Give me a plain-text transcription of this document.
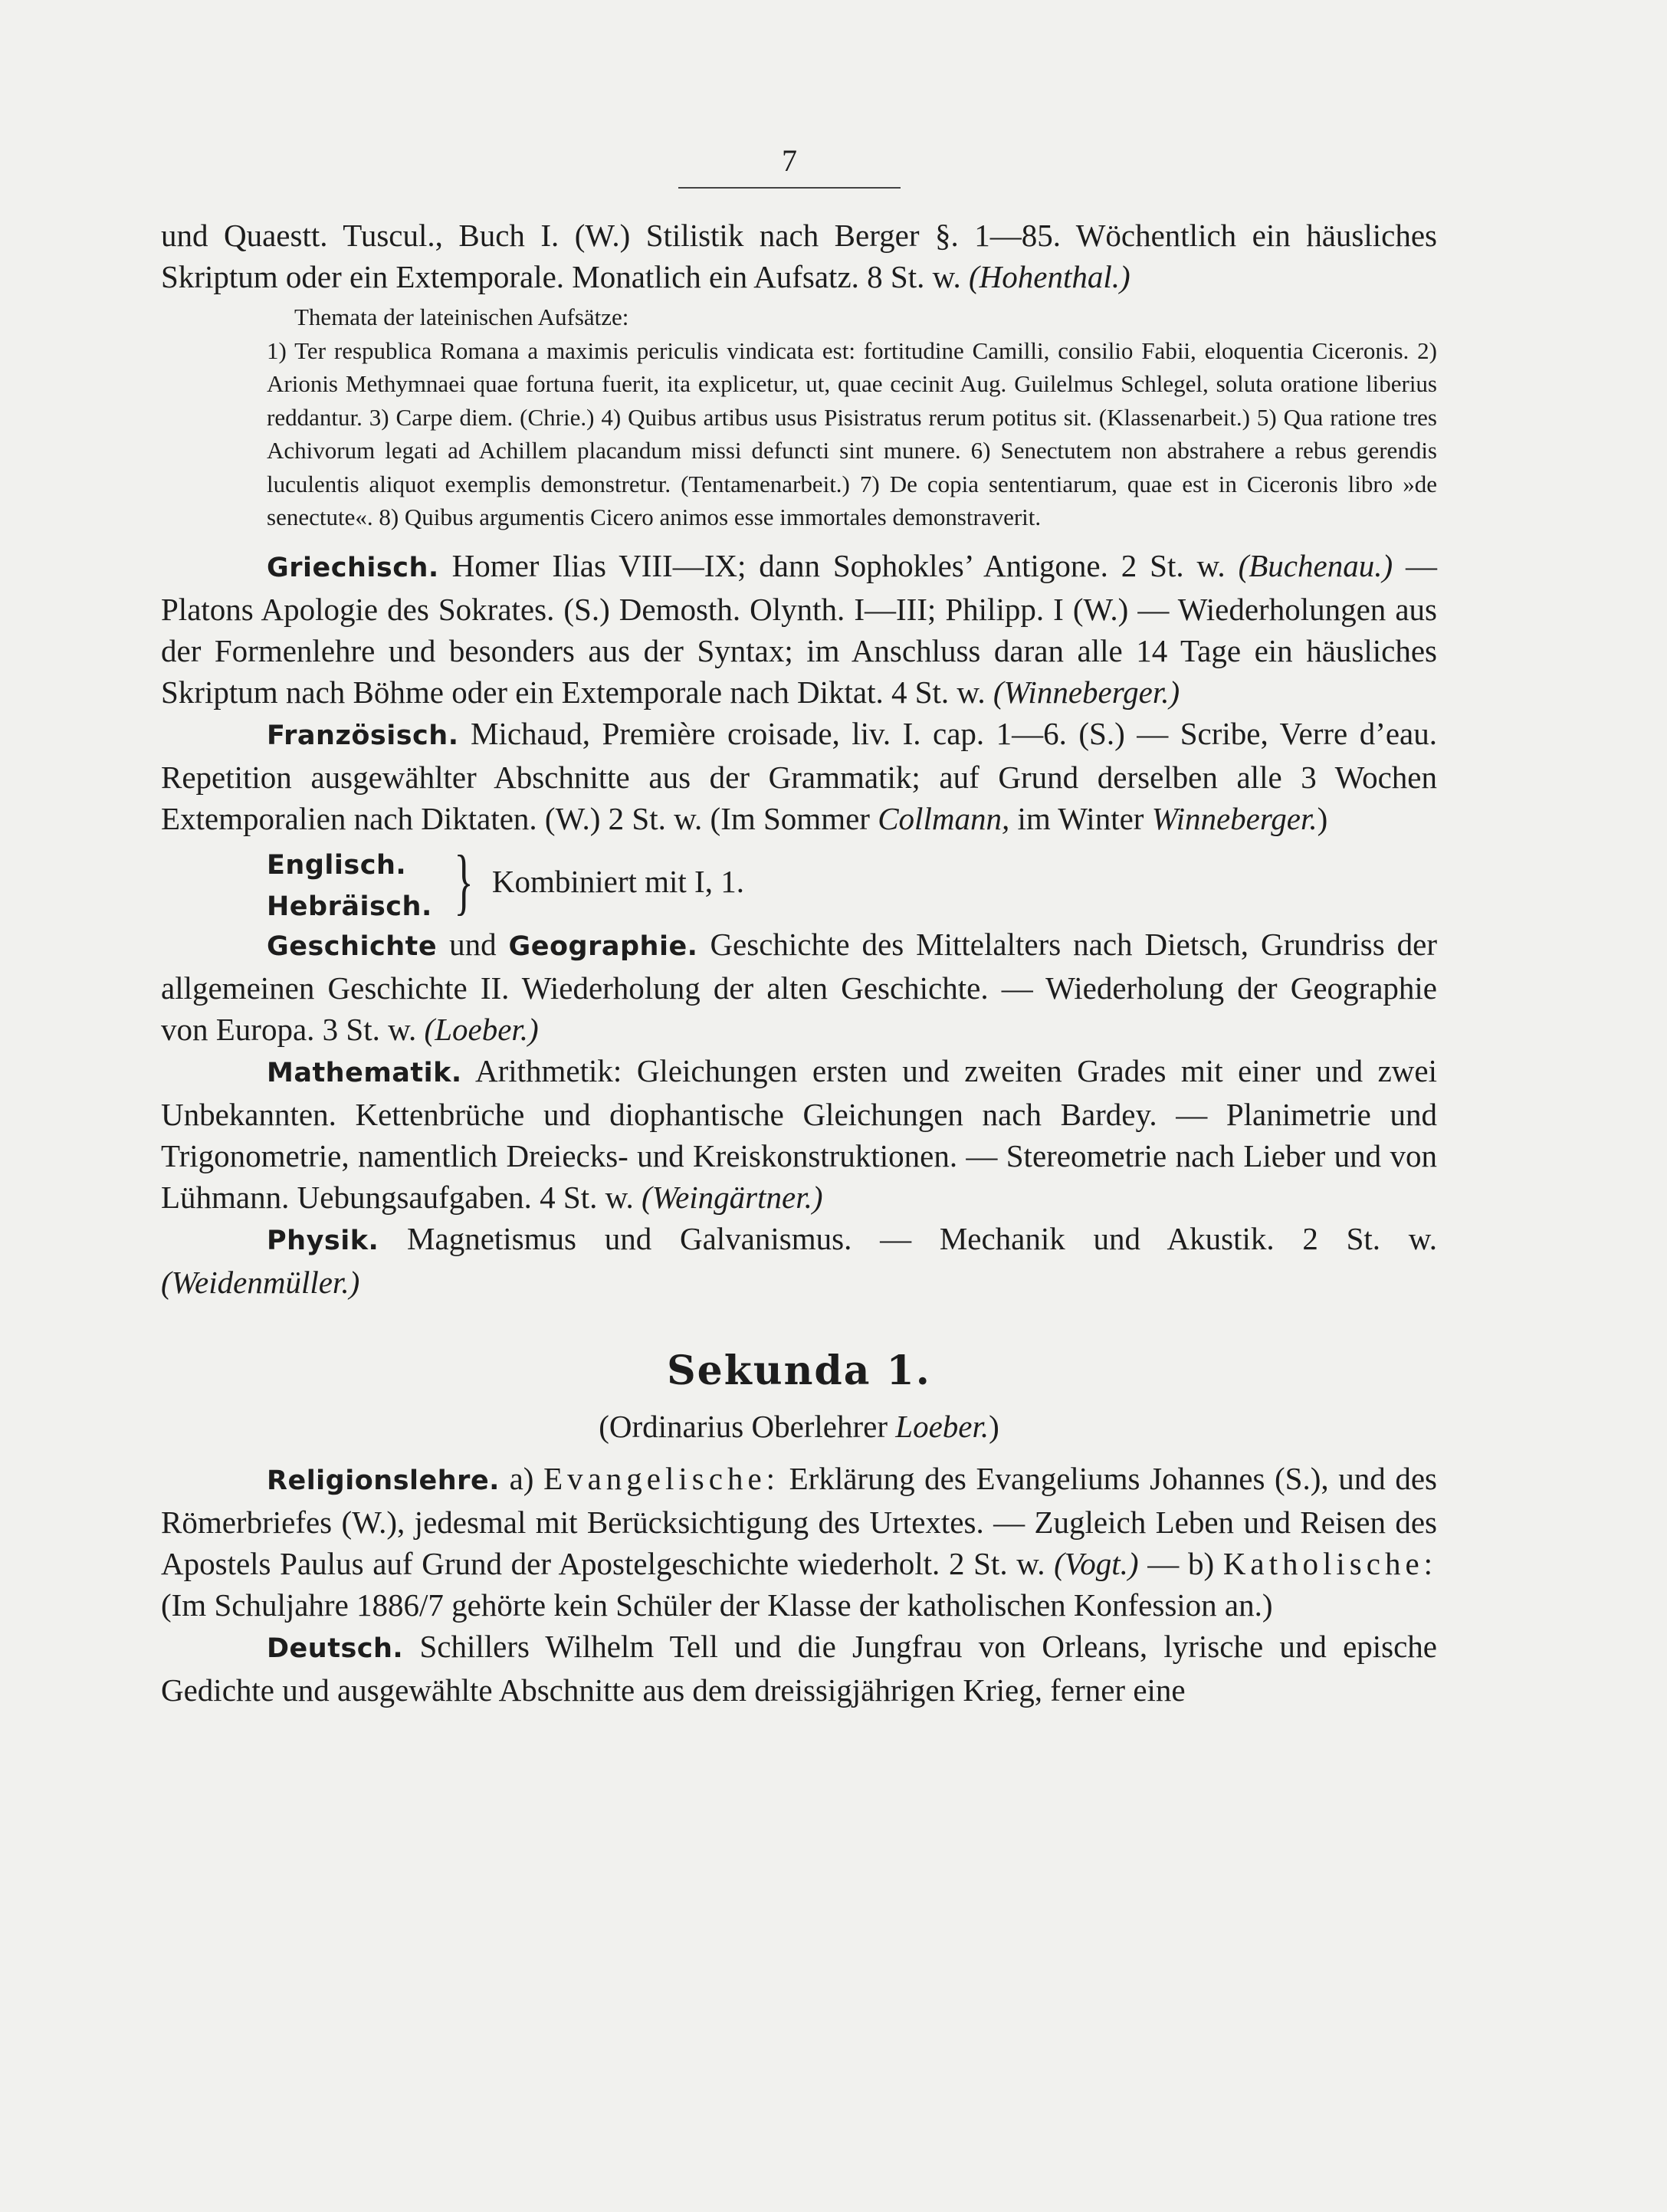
7

und Quaestt. Tuscul., Buch I. (W.) Stilistik nach Berger §. 1—85. Wöchentlich ein häusliches Skriptum oder ein Extemporale. Monatlich ein Aufsatz. 8 St. w. (Hohenthal.)

Themata der lateinischen Aufsätze:

1) Ter respublica Romana a maximis periculis vindicata est: fortitudine Camilli, consilio Fabii, eloquentia Ciceronis. 2) Arionis Methymnaei quae fortuna fuerit, ita explicetur, ut, quae cecinit Aug. Guilelmus Schlegel, soluta oratione liberius reddantur. 3) Carpe diem. (Chrie.) 4) Quibus artibus usus Pisistratus rerum potitus sit. (Klassenarbeit.) 5) Qua ratione tres Achivorum legati ad Achillem placandum missi defuncti sint munere. 6) Senectutem non abstrahere a rebus gerendis luculentis aliquot exemplis demonstretur. (Tentamenarbeit.) 7) De copia sententiarum, quae est in Ciceronis libro »de senectute«. 8) Quibus argumentis Cicero animos esse immortales demonstraverit.

Griechisch. Homer Ilias VIII—IX; dann Sophokles’ Antigone. 2 St. w. (Buchenau.) — Platons Apologie des Sokrates. (S.) Demosth. Olynth. I—III; Philipp. I (W.) — Wiederholungen aus der Formenlehre und besonders aus der Syntax; im Anschluss daran alle 14 Tage ein häusliches Skriptum nach Böhme oder ein Extemporale nach Diktat. 4 St. w. (Winneberger.)

Französisch. Michaud, Première croisade, liv. I. cap. 1—6. (S.) — Scribe, Verre d’eau. Repetition ausgewählter Abschnitte aus der Grammatik; auf Grund derselben alle 3 Wochen Extemporalien nach Diktaten. (W.) 2 St. w. (Im Sommer Collmann, im Winter Winneberger.)

Englisch.
Hebräisch. } Kombiniert mit I, 1.

Geschichte und Geographie. Geschichte des Mittelalters nach Dietsch, Grundriss der allgemeinen Geschichte II. Wiederholung der alten Geschichte. — Wiederholung der Geographie von Europa. 3 St. w. (Loeber.)

Mathematik. Arithmetik: Gleichungen ersten und zweiten Grades mit einer und zwei Unbekannten. Kettenbrüche und diophantische Gleichungen nach Bardey. — Planimetrie und Trigonometrie, namentlich Dreiecks- und Kreiskonstruktionen. — Stereometrie nach Lieber und von Lühmann. Uebungsaufgaben. 4 St. w. (Weingärtner.)

Physik. Magnetismus und Galvanismus. — Mechanik und Akustik. 2 St. w. (Weidenmüller.)

Sekunda 1.
(Ordinarius Oberlehrer Loeber.)

Religionslehre. a) Evangelische: Erklärung des Evangeliums Johannes (S.), und des Römerbriefes (W.), jedesmal mit Berücksichtigung des Urtextes. — Zugleich Leben und Reisen des Apostels Paulus auf Grund der Apostelgeschichte wiederholt. 2 St. w. (Vogt.) — b) Katholische: (Im Schuljahre 1886/7 gehörte kein Schüler der Klasse der katholischen Konfession an.)

Deutsch. Schillers Wilhelm Tell und die Jungfrau von Orleans, lyrische und epische Gedichte und ausgewählte Abschnitte aus dem dreissigjährigen Krieg, ferner eine
